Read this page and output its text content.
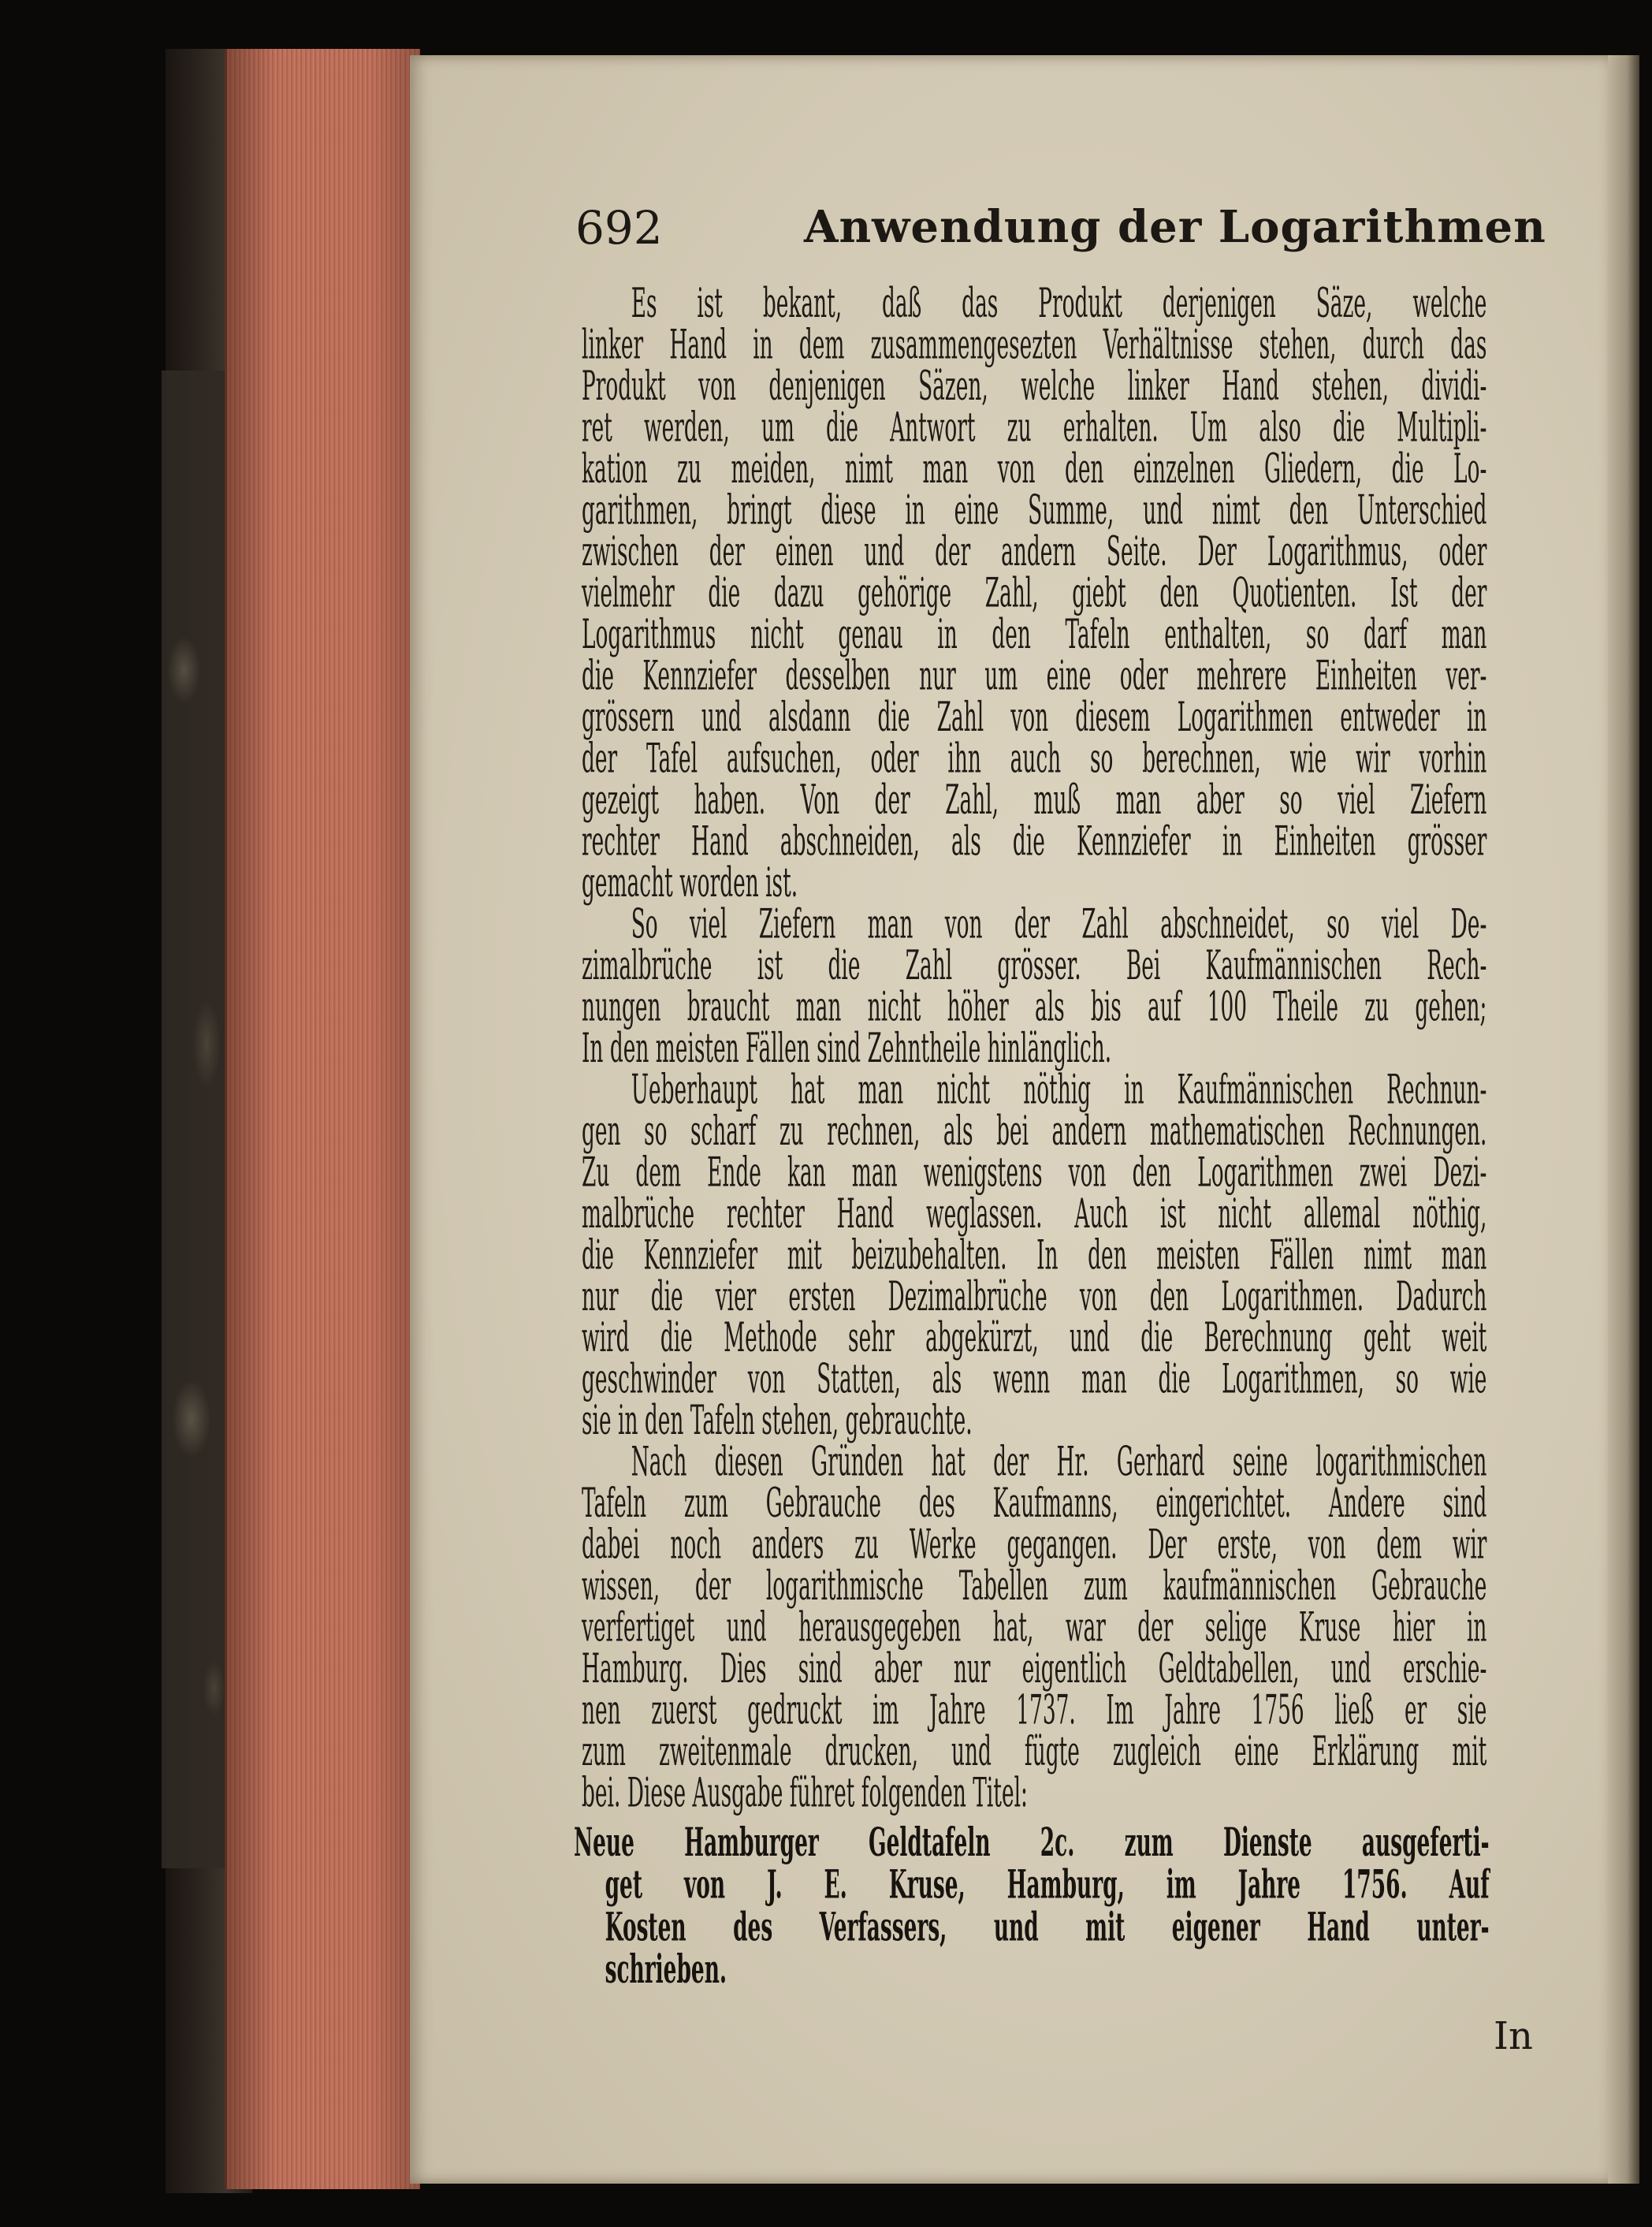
692	Anwendung der Logarithmen
Es ist bekant, daß das Produkt derjenigen Säze, welche
linker Hand in dem zusammengesezten Verhältnisse stehen, durch das
Produkt von denjenigen Säzen, welche linker Hand stehen, dividi-
ret werden, um die Antwort zu erhalten. Um also die Multipli-
kation zu meiden, nimt man von den einzelnen Gliedern, die Lo-
garithmen, bringt diese in eine Summe, und nimt den Unterschied
zwischen der einen und der andern Seite. Der Logarithmus, oder
vielmehr die dazu gehörige Zahl, giebt den Quotienten. Ist der
Logarithmus nicht genau in den Tafeln enthalten, so darf man
die Kennziefer desselben nur um eine oder mehrere Einheiten ver-
grössern und alsdann die Zahl von diesem Logarithmen entweder in
der Tafel aufsuchen, oder ihn auch so berechnen, wie wir vorhin
gezeigt haben. Von der Zahl, muß man aber so viel Ziefern
rechter Hand abschneiden, als die Kennziefer in Einheiten grösser
gemacht worden ist.
So viel Ziefern man von der Zahl abschneidet, so viel De-
zimalbrüche ist die Zahl grösser. Bei Kaufmännischen Rech-
nungen braucht man nicht höher als bis auf 100 Theile zu gehen;
In den meisten Fällen sind Zehntheile hinlänglich.
Ueberhaupt hat man nicht nöthig in Kaufmännischen Rechnun-
gen so scharf zu rechnen, als bei andern mathematischen Rechnungen.
Zu dem Ende kan man wenigstens von den Logarithmen zwei Dezi-
malbrüche rechter Hand weglassen. Auch ist nicht allemal nöthig,
die Kennziefer mit beizubehalten. In den meisten Fällen nimt man
nur die vier ersten Dezimalbrüche von den Logarithmen. Dadurch
wird die Methode sehr abgekürzt, und die Berechnung geht weit
geschwinder von Statten, als wenn man die Logarithmen, so wie
sie in den Tafeln stehen, gebrauchte.
Nach diesen Gründen hat der Hr. Gerhard seine logarithmischen
Tafeln zum Gebrauche des Kaufmanns, eingerichtet. Andere sind
dabei noch anders zu Werke gegangen. Der erste, von dem wir
wissen, der logarithmische Tabellen zum kaufmännischen Gebrauche
verfertiget und herausgegeben hat, war der selige Kruse hier in
Hamburg. Dies sind aber nur eigentlich Geldtabellen, und erschie-
nen zuerst gedruckt im Jahre 1737. Im Jahre 1756 ließ er sie
zum zweitenmale drucken, und fügte zugleich eine Erklärung mit
bei. Diese Ausgabe führet folgenden Titel:
Neue Hamburger Geldtafeln 2c. zum Dienste ausgeferti-
get von J. E. Kruse, Hamburg, im Jahre 1756. Auf
Kosten des Verfassers, und mit eigener Hand unter-
schrieben.
In
